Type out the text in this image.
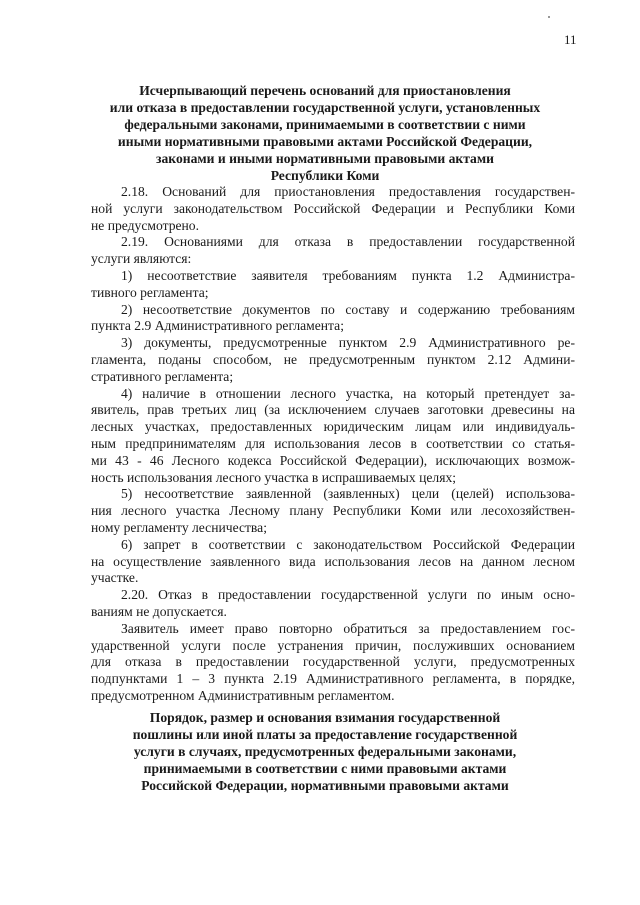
11
Исчерпывающий перечень оснований для приостановления
или отказа в предоставлении государственной услуги, установленных
федеральными законами, принимаемыми в соответствии с ними
иными нормативными правовыми актами Российской Федерации,
законами и иными нормативными правовыми актами
Республики Коми

2.18. Оснований для приостановления предоставления государствен-
ной услуги законодательством Российской Федерации и Республики Коми
не предусмотрено.

2.19. Основаниями для отказа в предоставлении государственной
услуги являются:

1) несоответствие заявителя требованиям пункта 1.2 Администра-
тивного регламента;

2) несоответствие документов по составу и содержанию требованиям
пункта 2.9 Административного регламента;

3) документы, предусмотренные пунктом 2.9 Административного ре-
гламента, поданы способом, не предусмотренным пунктом 2.12 Админи-
стративного регламента;

4) наличие в отношении лесного участка, на который претендует за-
явитель, прав третьих лиц (за исключением случаев заготовки древесины на
лесных участках, предоставленных юридическим лицам или индивидуаль-
ным предпринимателям для использования лесов в соответствии со статья-
ми 43 - 46 Лесного кодекса Российской Федерации), исключающих возмож-
ность использования лесного участка в испрашиваемых целях;

5) несоответствие заявленной (заявленных) цели (целей) использова-
ния лесного участка Лесному плану Республики Коми или лесохозяйствен-
ному регламенту лесничества;

6) запрет в соответствии с законодательством Российской Федерации
на осуществление заявленного вида использования лесов на данном лесном
участке.

2.20. Отказ в предоставлении государственной услуги по иным осно-
ваниям не допускается.

Заявитель имеет право повторно обратиться за предоставлением гос-
ударственной услуги после устранения причин, послуживших основанием
для отказа в предоставлении государственной услуги, предусмотренных
подпунктами 1 – 3 пункта 2.19 Административного регламента, в порядке,
предусмотренном Административным регламентом.

Порядок, размер и основания взимания государственной
пошлины или иной платы за предоставление государственной
услуги в случаях, предусмотренных федеральными законами,
принимаемыми в соответствии с ними правовыми актами
Российской Федерации, нормативными правовыми актами
